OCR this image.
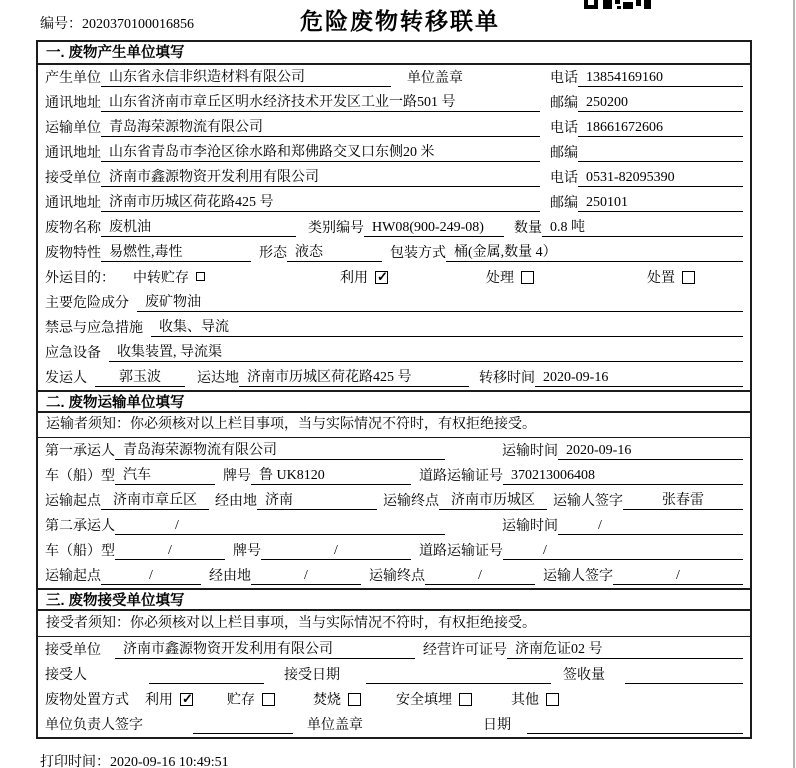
编号：2020370100016856	危险废物转移联单
一. 废物产生单位填写
产生单位 山东省永信非织造材料有限公司	单位盖章	电话 13854169160
通讯地址 山东省济南市章丘区明水经济技术开发区工业一路501 号	邮编 250200
运输单位 青岛海荣源物流有限公司	电话 18661672606
通讯地址 山东省青岛市李沧区徐水路和郑佛路交叉口东侧20 米	邮编
接受单位 济南市鑫源物资开发利用有限公司	电话 0531-82095390
通讯地址 济南市历城区荷花路425 号	邮编 250101
废物名称 废机油	类别编号 HW08(900-249-08)	数量 0.8 吨
废物特性 易燃性,毒性	形态 液态	包装方式 桶(金属,数量 4）
外运目的： 中转贮存	利用 ✓	处理	处置
主要危险成分	废矿物油
禁忌与应急措施	收集、导流
应急设备	收集装置, 导流渠
发运人	郭玉波	运达地 济南市历城区荷花路425 号	转移时间 2020-09-16
二. 废物运输单位填写
运输者须知：你必须核对以上栏目事项，当与实际情况不符时，有权拒绝接受。
第一承运人 青岛海荣源物流有限公司	运输时间 2020-09-16
车（船）型 汽车	牌号 鲁 UK8120	道路运输证号 370213006408
运输起点 济南市章丘区	经由地 济南	运输终点 济南市历城区	运输人签字	张春雷
第二承运人	/	运输时间	/
车（船）型	/	牌号	/	道路运输证号	/
运输起点	/	经由地	/	运输终点	/	运输人签字	/
三. 废物接受单位填写
接受者须知：你必须核对以上栏目事项，当与实际情况不符时，有权拒绝接受。
接受单位	济南市鑫源物资开发利用有限公司	经营许可证号 济南危证02 号
接受人	接受日期	签收量
废物处置方式 利用 ✓	贮存	焚烧	安全填埋	其他
单位负责人签字	单位盖章	日期
打印时间：2020-09-16 10:49:51
